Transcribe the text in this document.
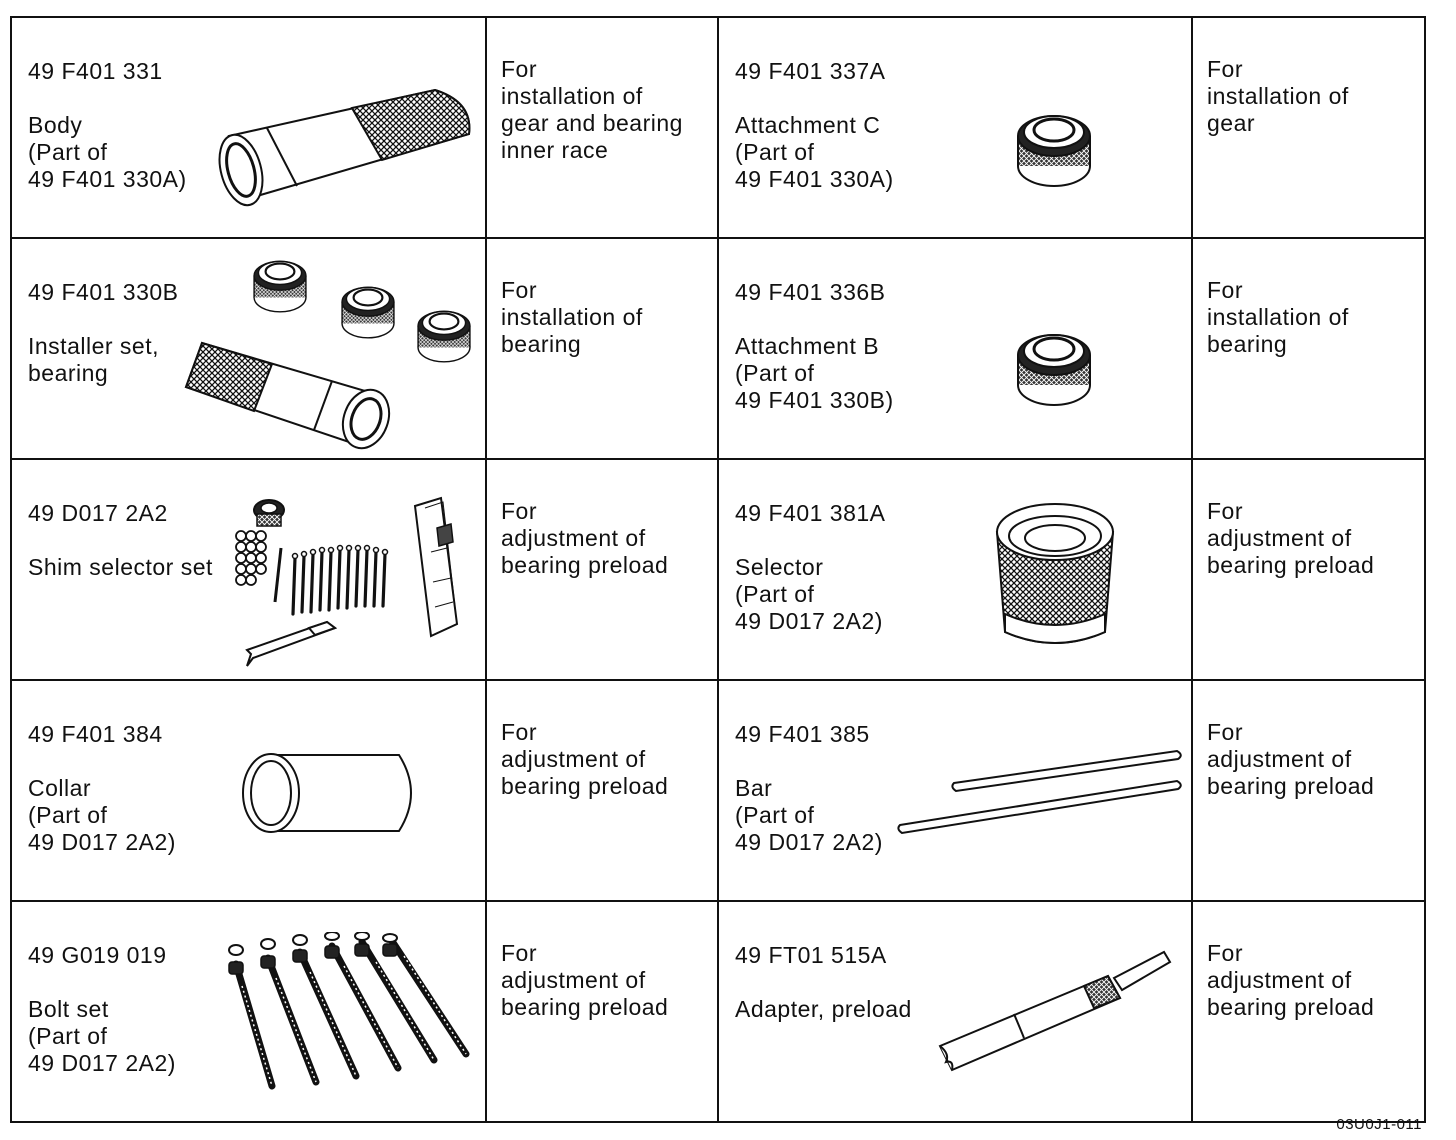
49 F401 331
Body
(Part of
49 F401 330A)	For
installation of
gear and bearing
inner race	49 F401 337A
Attachment C
(Part of
49 F401 330A)	For
installation of
gear

49 F401 330B
Installer set,
bearing	For
installation of
bearing	49 F401 336B
Attachment B
(Part of
49 F401 330B)	For
installation of
bearing

49 D017 2A2
Shim selector set	For
adjustment of
bearing preload	49 F401 381A
Selector
(Part of
49 D017 2A2)	For
adjustment of
bearing preload

49 F401 384
Collar
(Part of
49 D017 2A2)	For
adjustment of
bearing preload	49 F401 385
Bar
(Part of
49 D017 2A2)	For
adjustment of
bearing preload

49 G019 019
Bolt set
(Part of
49 D017 2A2)	For
adjustment of
bearing preload	49 FT01 515A
Adapter, preload	For
adjustment of
bearing preload
03U0J1-011
